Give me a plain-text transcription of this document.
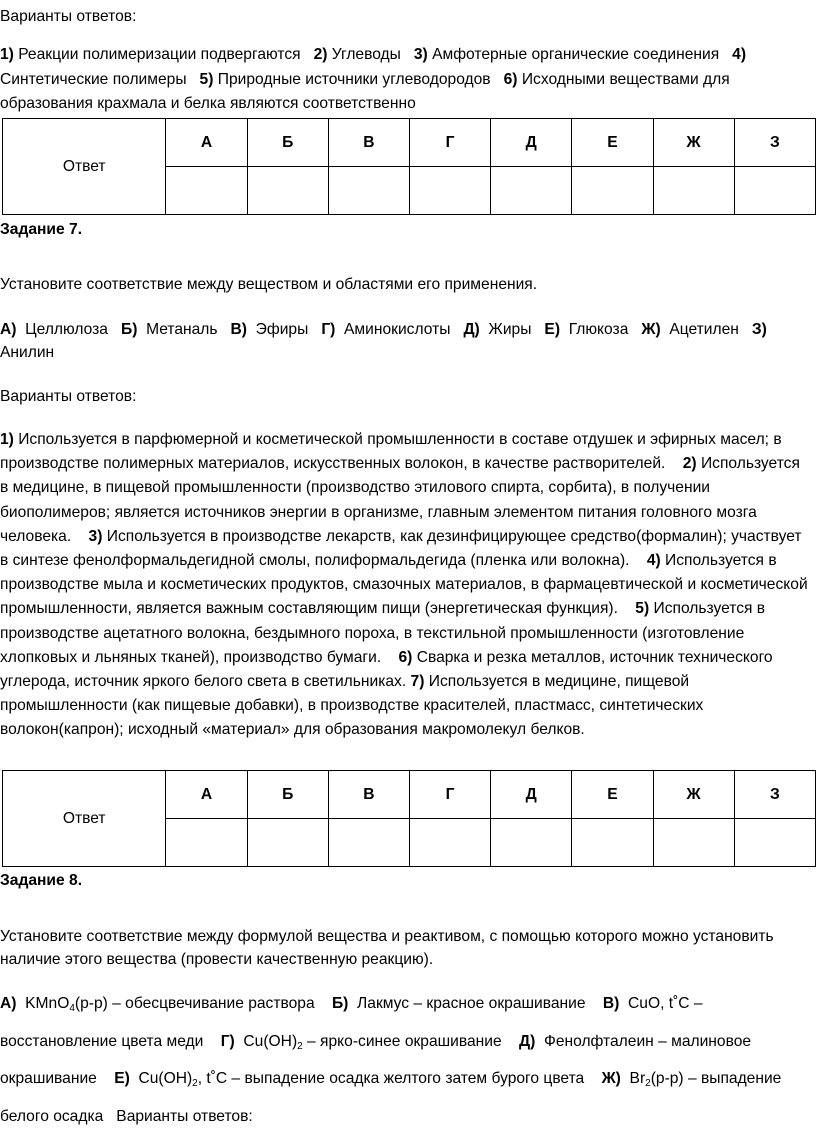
Варианты ответов:
1) Реакции полимеризации подвергаются 2) Углеводы 3) Амфотерные органические соединения 4)
Синтетические полимеры 5) Природные источники углеводородов 6) Исходными веществами для
образования крахмала и белка являются соответственно
Ответ	А	Б	В	Г	Д	Е	Ж	З

Задание 7.
Установите соответствие между веществом и областями его применения.
А) Целлюлоза Б) Метаналь В) Эфиры Г) Аминокислоты Д) Жиры Е) Глюкоза Ж) Ацетилен З)
Анилин
Варианты ответов:
1) Используется в парфюмерной и косметической промышленности в составе отдушек и эфирных масел; в производстве полимерных материалов, искусственных волокон, в качестве растворителей. 2) Используется в медицине, в пищевой промышленности (производство этилового спирта, сорбита), в получении биополимеров; является источников энергии в организме, главным элементом питания головного мозга человека. 3) Используется в производстве лекарств, как дезинфицирующее средство(формалин); участвует в синтезе фенолформальдегидной смолы, полиформальдегида (пленка или волокна). 4) Используется в производстве мыла и косметических продуктов, смазочных материалов, в фармацевтической и косметической промышленности, является важным составляющим пищи (энергетическая функция). 5) Используется в производстве ацетатного волокна, бездымного пороха, в текстильной промышленности (изготовление хлопковых и льняных тканей), производство бумаги. 6) Сварка и резка металлов, источник технического углерода, источник яркого белого света в светильниках. 7) Используется в медицине, пищевой промышленности (как пищевые добавки), в производстве красителей, пластмасс, синтетических волокон(капрон); исходный «материал» для образования макромолекул белков.
Ответ	А	Б	В	Г	Д	Е	Ж	З

Задание 8.
Установите соответствие между формулой вещества и реактивом, с помощью которого можно установить наличие этого вещества (провести качественную реакцию).
А) KMnO$_4$(р-р) – обесцвечивание раствора Б) Лакмус – красное окрашивание В) CuO, t˚C – восстановление цвета меди Г) $Cu(OH)_2$ – ярко-синее окрашивание Д) Фенолфталеин – малиновое окрашивание Е) $Cu(OH)_2$, t˚C – выпадение осадка желтого затем бурого цвета Ж) $Br_2(р-р)$ – выпадение белого осадка Варианты ответов:
